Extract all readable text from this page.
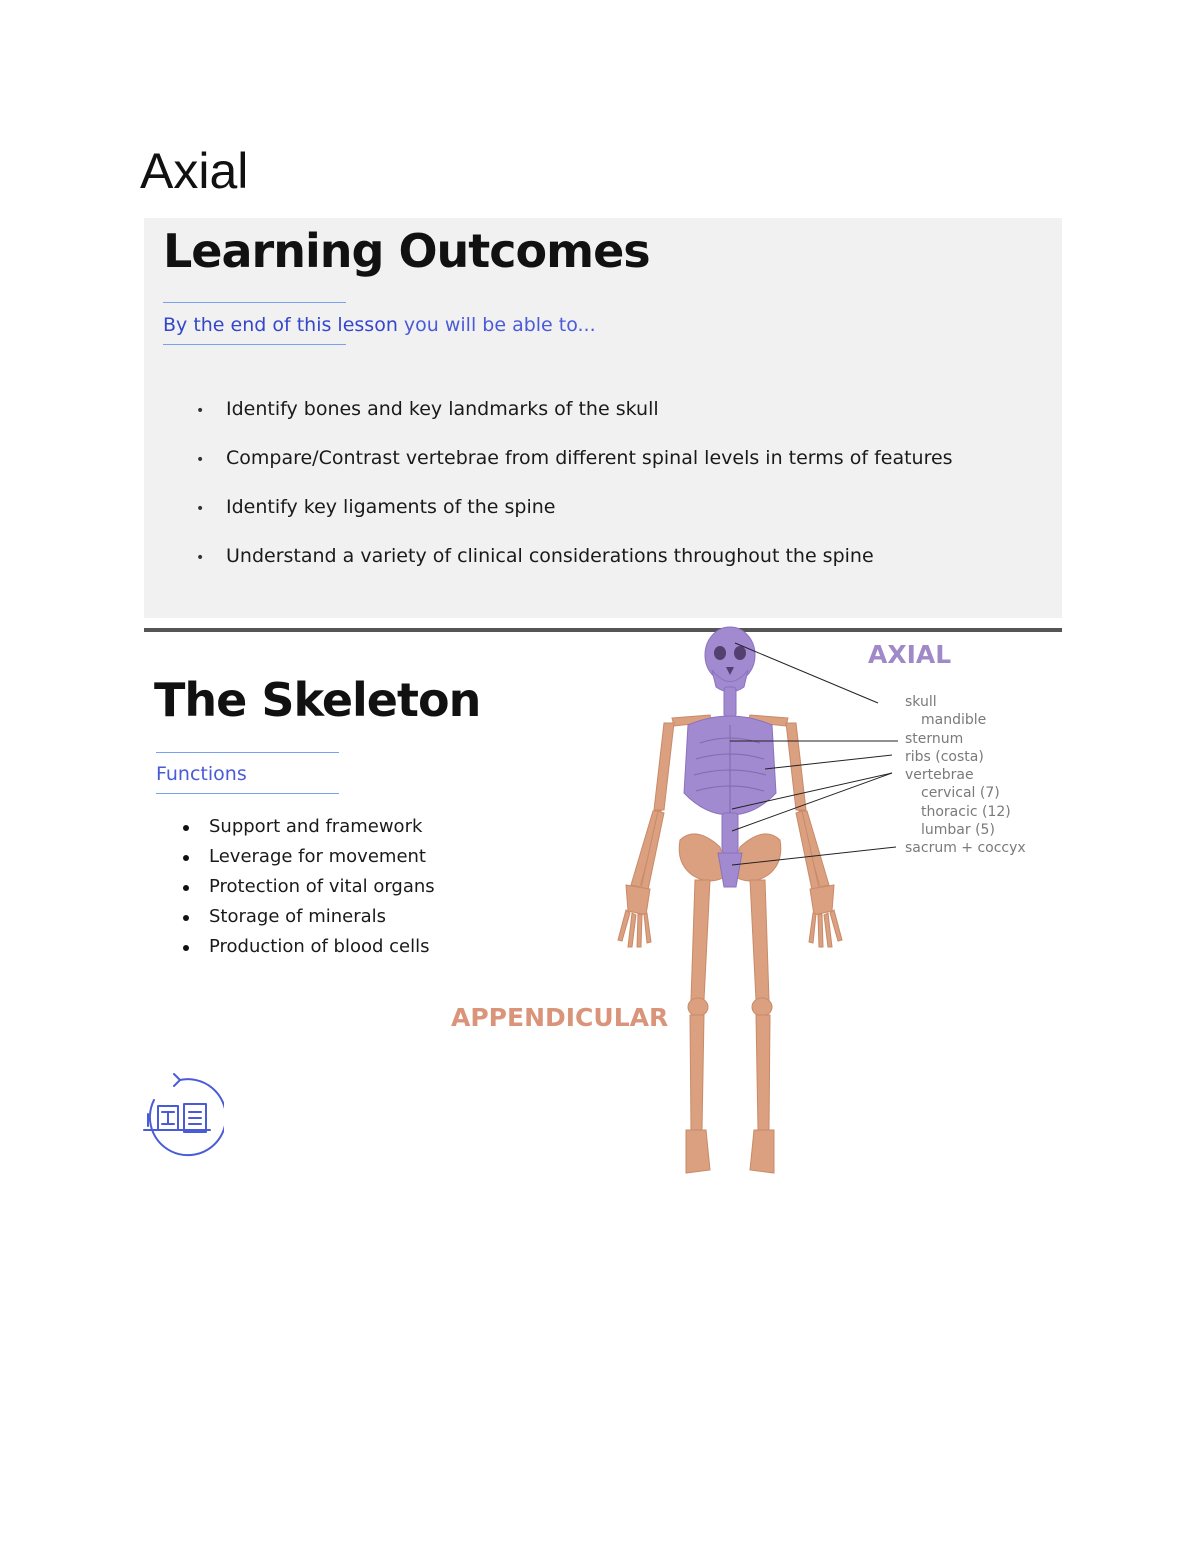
Axial
Learning Outcomes
By the end of this lesson you will be able to...
• Identify bones and key landmarks of the skull
• Compare/Contrast vertebrae from different spinal levels in terms of features
• Identify key ligaments of the spine
• Understand a variety of clinical considerations throughout the spine
The Skeleton
Functions
Support and framework
Leverage for movement
Protection of vital organs
Storage of minerals
Production of blood cells
AXIAL
APPENDICULAR
skull
mandible
sternum
ribs (costa)
vertebrae
cervical (7)
thoracic (12)
lumbar (5)
sacrum + coccyx
